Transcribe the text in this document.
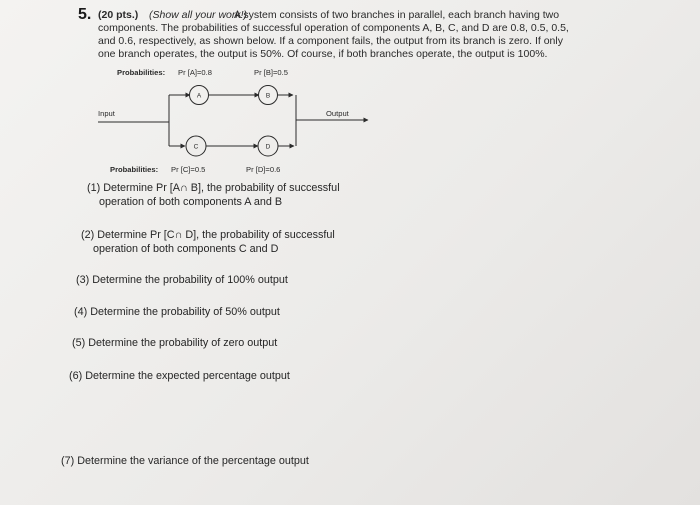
5. (20 pts.) (Show all your work!)
A system consists of two branches in parallel, each branch having two
components. The probabilities of successful operation of components A, B, C, and D are 0.8, 0.5, 0.5,
and 0.6, respectively, as shown below. If a component fails, the output from its branch is zero. If only
one branch operates, the output is 50%. Of course, if both branches operate, the output is 100%.
Probabilities: Pr [A]=0.8	Pr [B]=0.5
Input	Output
A	B
C	D
Probabilities: Pr [C]=0.5	Pr [D]=0.6
(1) Determine Pr [A∩ B], the probability of successful
operation of both components A and B
(2) Determine Pr [C∩ D], the probability of successful
operation of both components C and D
(3) Determine the probability of 100% output
(4) Determine the probability of 50% output
(5) Determine the probability of zero output
(6) Determine the expected percentage output
(7) Determine the variance of the percentage output
